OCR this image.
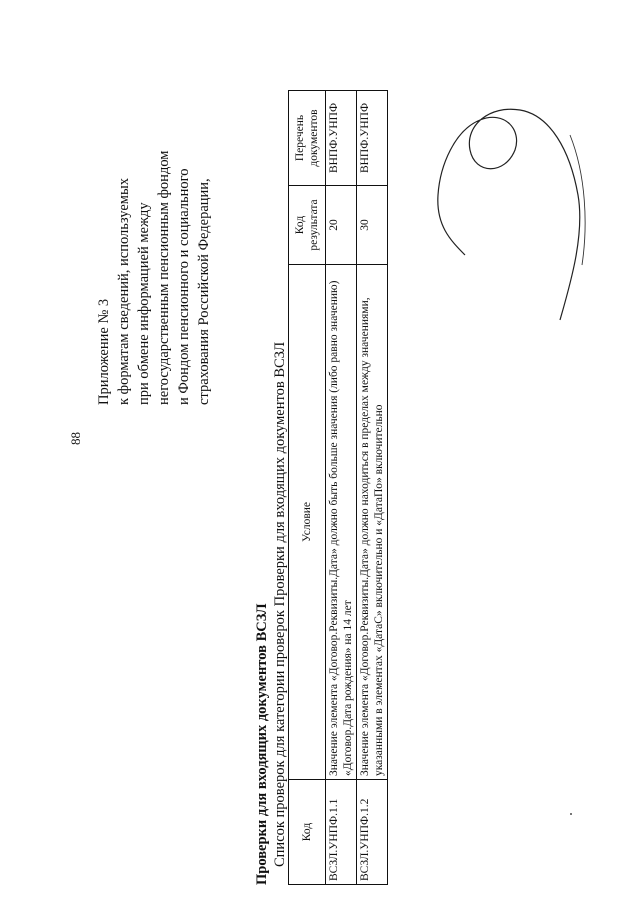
88
Приложение № 3 к форматам сведений, используемых при обмене информацией между негосударственным пенсионным фондом и Фондом пенсионного и социального страхования Российской Федерации,
Проверки для входящих документов ВСЗЛ Список проверок для категории проверок Проверки для входящих документов ВСЗЛ Код	Условие	Код результата	Перечень документов
ВСЗЛ.УНПФ.1.1	Значение элемента «Договор.Реквизиты.Дата» должно быть больше значения (либо равно значению) «Договор.Дата рождения» на 14 лет	20	ВНПФ.УНПФ
ВСЗЛ.УНПФ.1.2	Значение элемента «Договор.Реквизиты.Дата» должно находиться в пределах между значениями, указанными в элементах «ДатаС» включительно и «ДатаПо» включительно	30	ВНПФ.УНПФ
